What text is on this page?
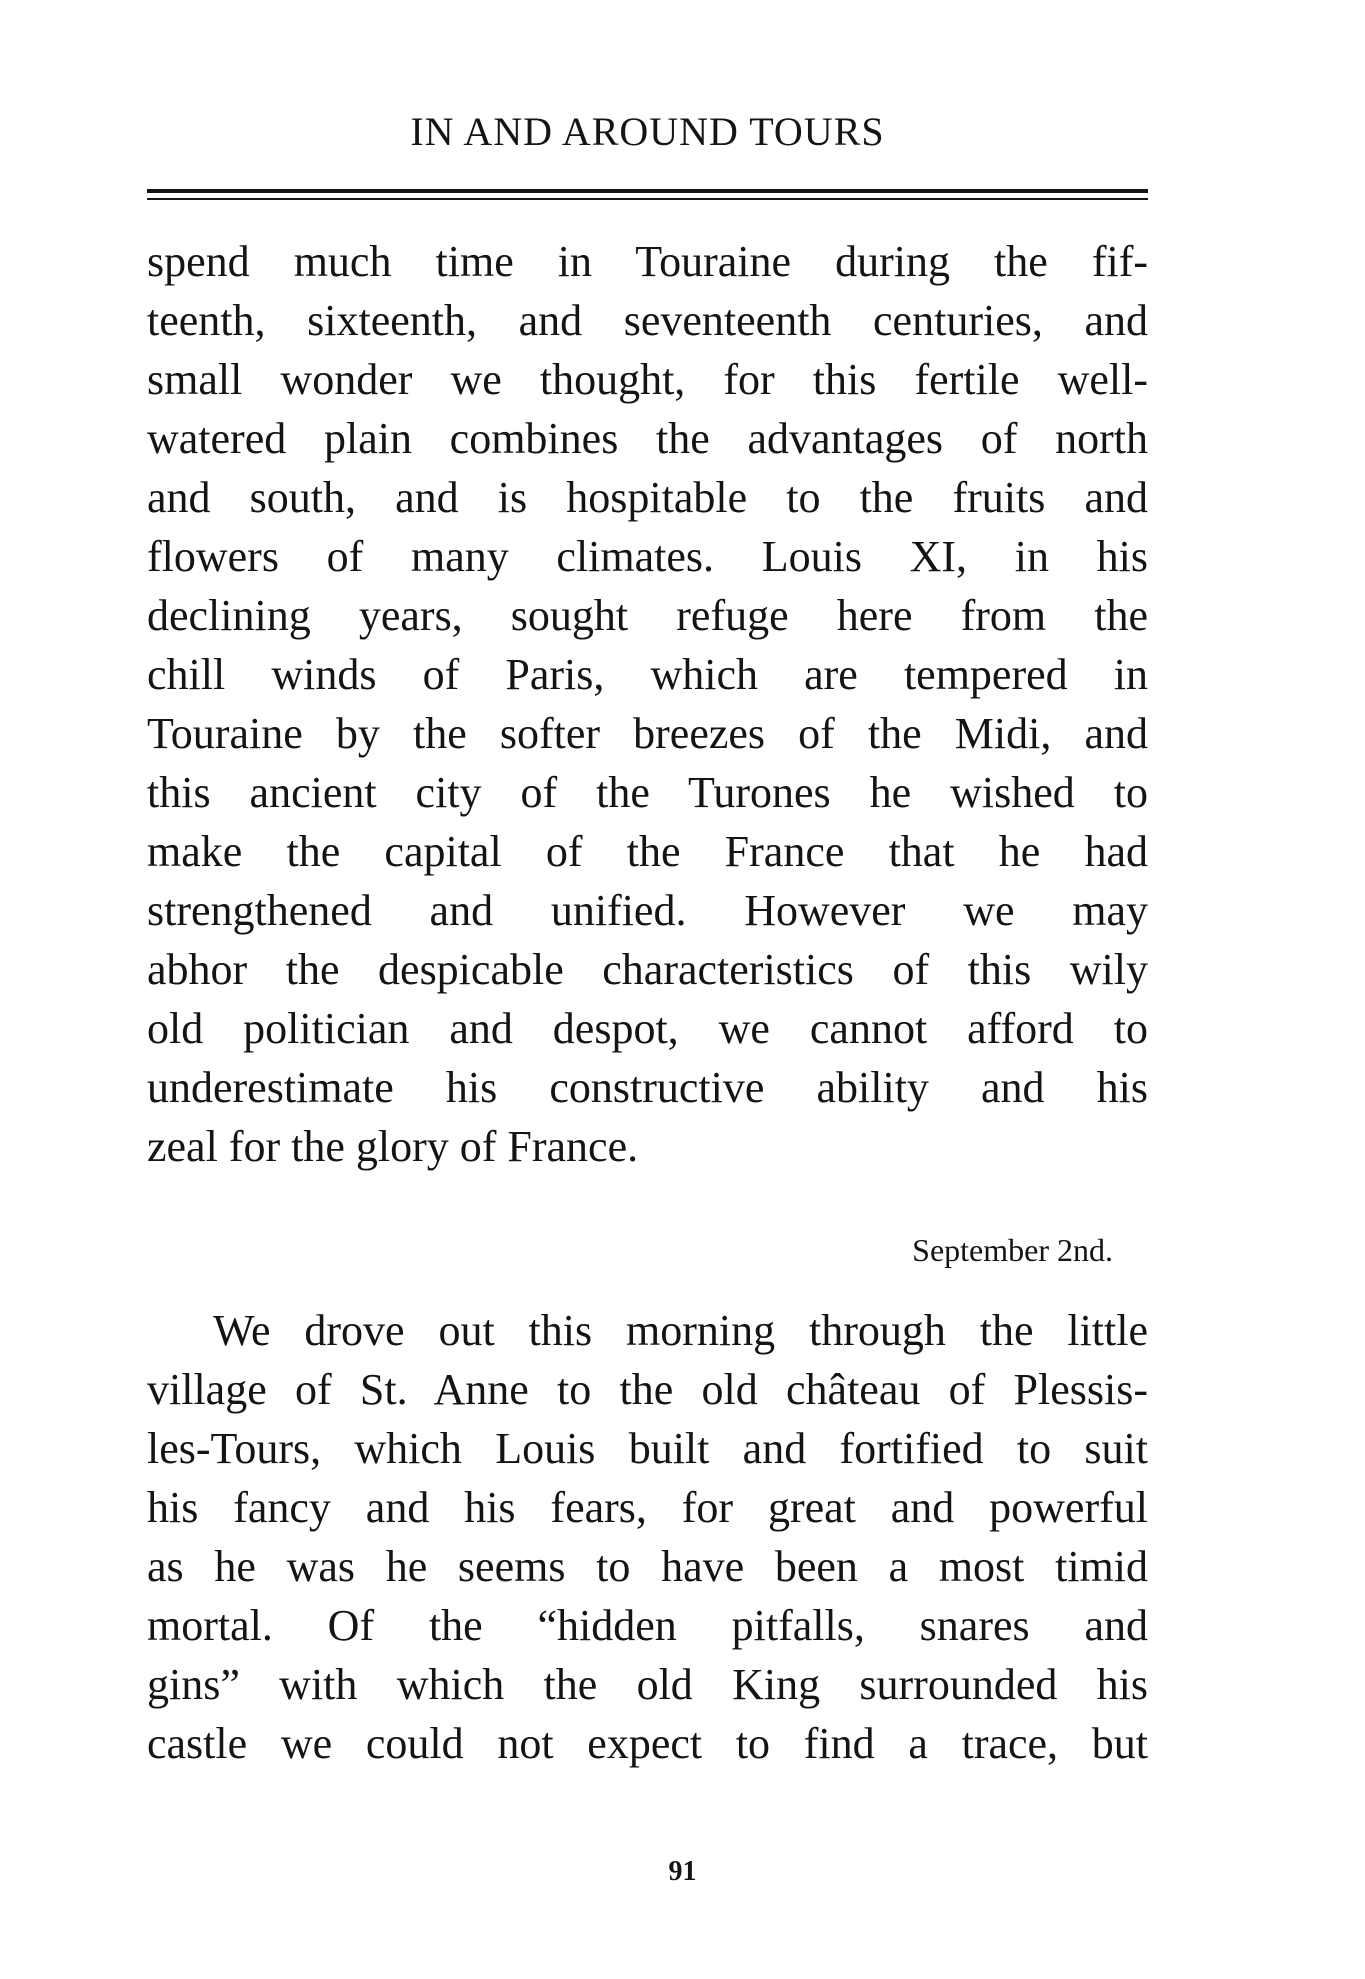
IN AND AROUND TOURS
spend much time in Touraine during the fif-
teenth, sixteenth, and seventeenth centuries, and
small wonder we thought, for this fertile well-
watered plain combines the advantages of north
and south, and is hospitable to the fruits and
flowers of many climates. Louis XI, in his
declining years, sought refuge here from the
chill winds of Paris, which are tempered in
Touraine by the softer breezes of the Midi, and
this ancient city of the Turones he wished to
make the capital of the France that he had
strengthened and unified. However we may
abhor the despicable characteristics of this wily
old politician and despot, we cannot afford to
underestimate his constructive ability and his
zeal for the glory of France.
September 2nd.
We drove out this morning through the little
village of St. Anne to the old château of Plessis-
les-Tours, which Louis built and fortified to suit
his fancy and his fears, for great and powerful
as he was he seems to have been a most timid
mortal. Of the “hidden pitfalls, snares and
gins” with which the old King surrounded his
castle we could not expect to find a trace, but
91
